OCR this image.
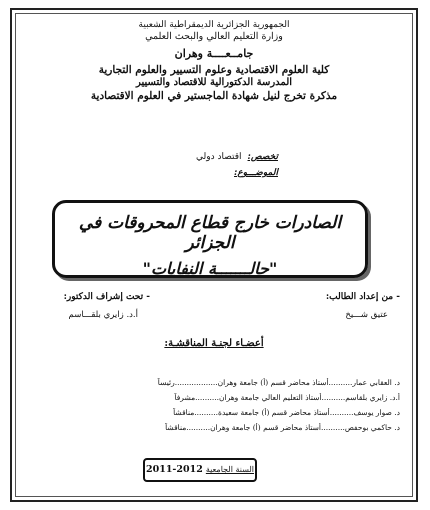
الجمهورية الجزائرية الديمقراطية الشعبية
وزارة التعليم العالي والبحث العلمي
جامــعــــة وهران
كلية العلوم الاقتصادية وعلوم التسيير والعلوم التجارية
المدرسة الدكتورالية للاقتصاد والتسيير
مذكرة تخرج لنيل شهادة الماجستير في العلوم الاقتصادية
تخصص:
اقتصاد دولي
الموضـــوع:
الصادرات خارج قطاع المحروقات في الجزائر
"حالـــــــة النفايات"
- من إعداد الطالب:
عتيق شـــيخ
- تحت إشراف الدكتور:
أ.د. زايري بلقـــاسم
أعضـاء لجنـة المناقشـة:
د. العقابي عمار..........أستاذ محاضر قسم (أ) جامعة وهران..................رئيساً
أ.د. زايري بلقاسم..........أستاذ التعليم العالي جامعة وهران..........مشرفاً
د. صوار يوسف..........أستاذ محاضر قسم (أ) جامعة سعيدة..........مناقشاً
د. حاكمي بوحفص..........أستاذ محاضر قسم (أ) جامعة وهران..........مناقشاً
السنة الجامعية 2011-2012
